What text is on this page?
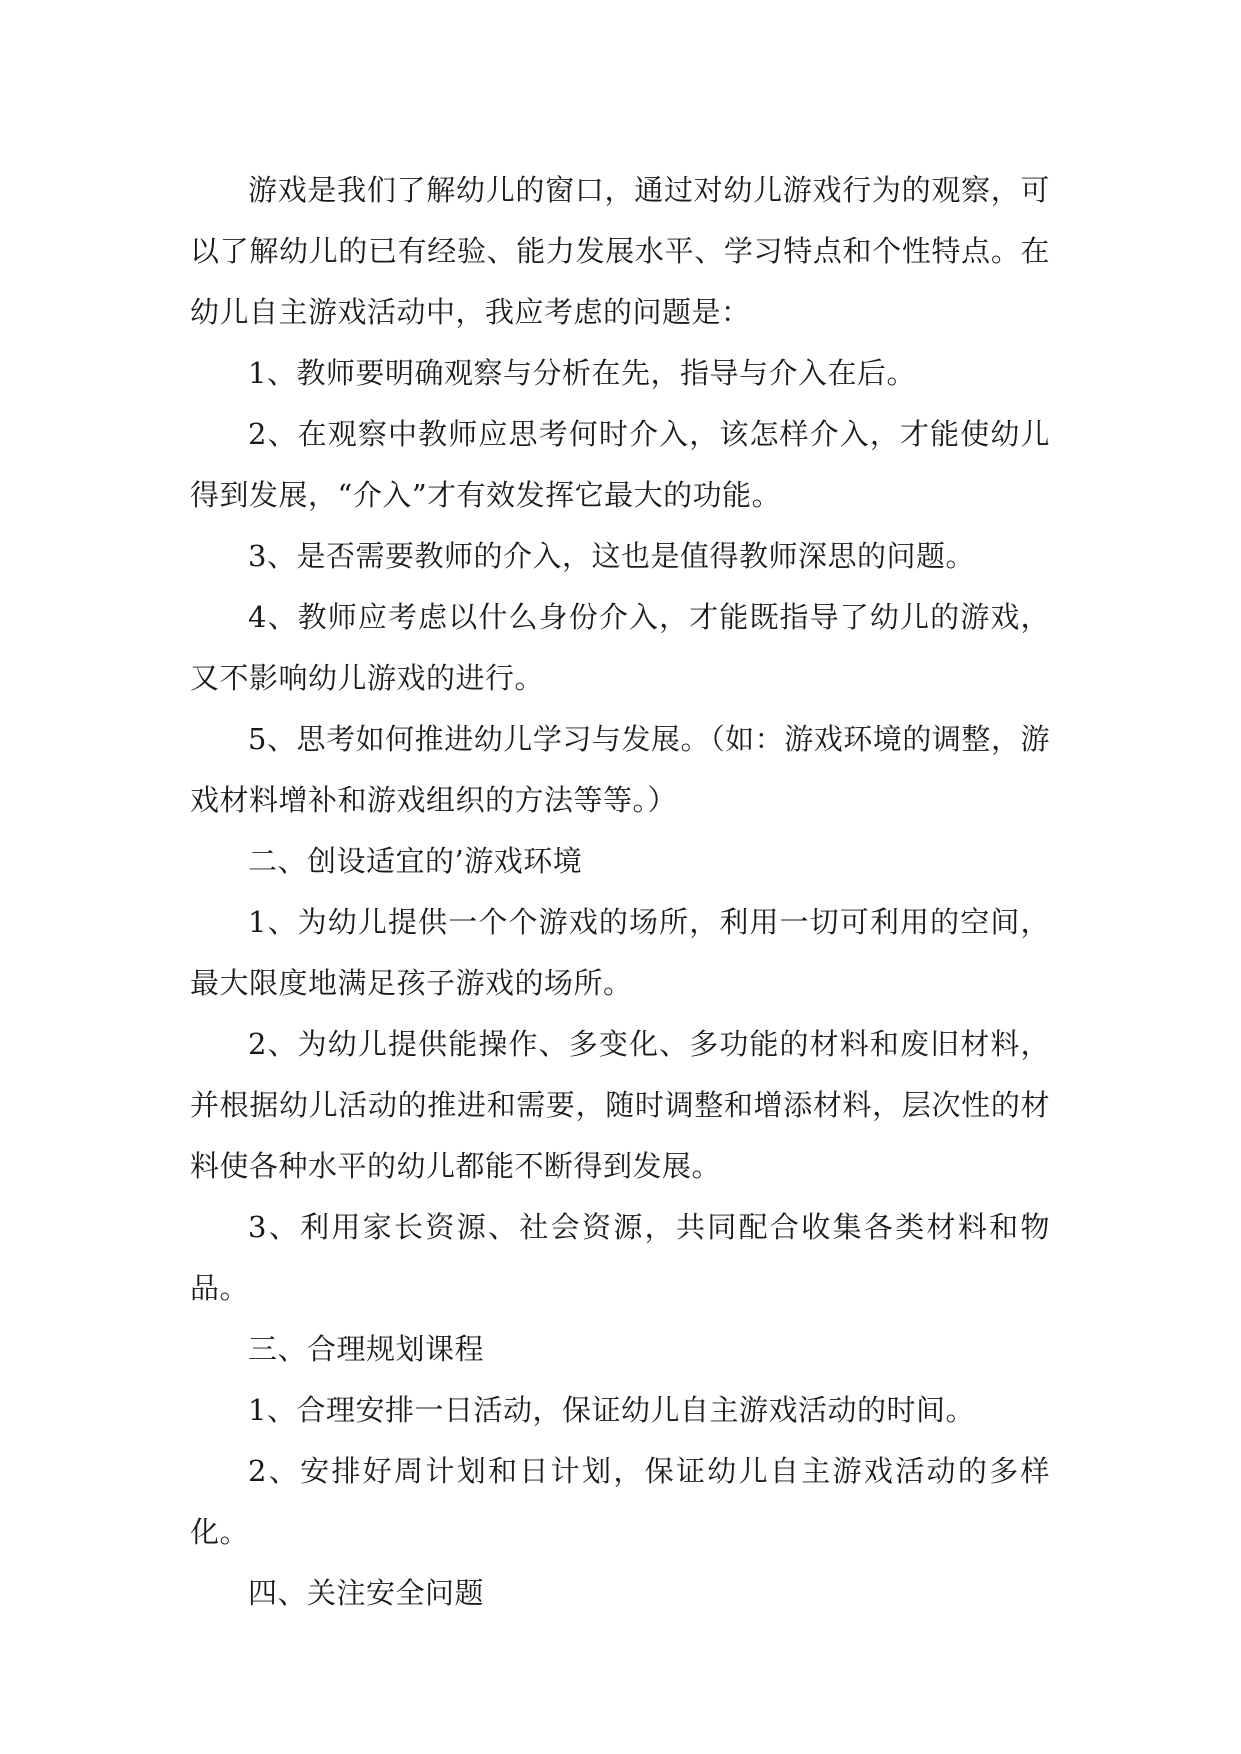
游戏是我们了解幼儿的窗口，通过对幼儿游戏行为的观察，可以了解幼儿的已有经验、能力发展水平、学习特点和个性特点。在幼儿自主游戏活动中，我应考虑的问题是：

1、教师要明确观察与分析在先，指导与介入在后。

2、在观察中教师应思考何时介入，该怎样介入，才能使幼儿得到发展，“介入”才有效发挥它最大的功能。

3、是否需要教师的介入，这也是值得教师深思的问题。

4、教师应考虑以什么身份介入，才能既指导了幼儿的游戏，又不影响幼儿游戏的进行。

5、思考如何推进幼儿学习与发展。（如：游戏环境的调整，游戏材料增补和游戏组织的方法等等。）

二、创设适宜的’游戏环境

1、为幼儿提供一个个游戏的场所，利用一切可利用的空间，最大限度地满足孩子游戏的场所。

2、为幼儿提供能操作、多变化、多功能的材料和废旧材料，并根据幼儿活动的推进和需要，随时调整和增添材料，层次性的材料使各种水平的幼儿都能不断得到发展。

3、利用家长资源、社会资源，共同配合收集各类材料和物品。

三、合理规划课程

1、合理安排一日活动，保证幼儿自主游戏活动的时间。

2、安排好周计划和日计划，保证幼儿自主游戏活动的多样化。

四、关注安全问题
